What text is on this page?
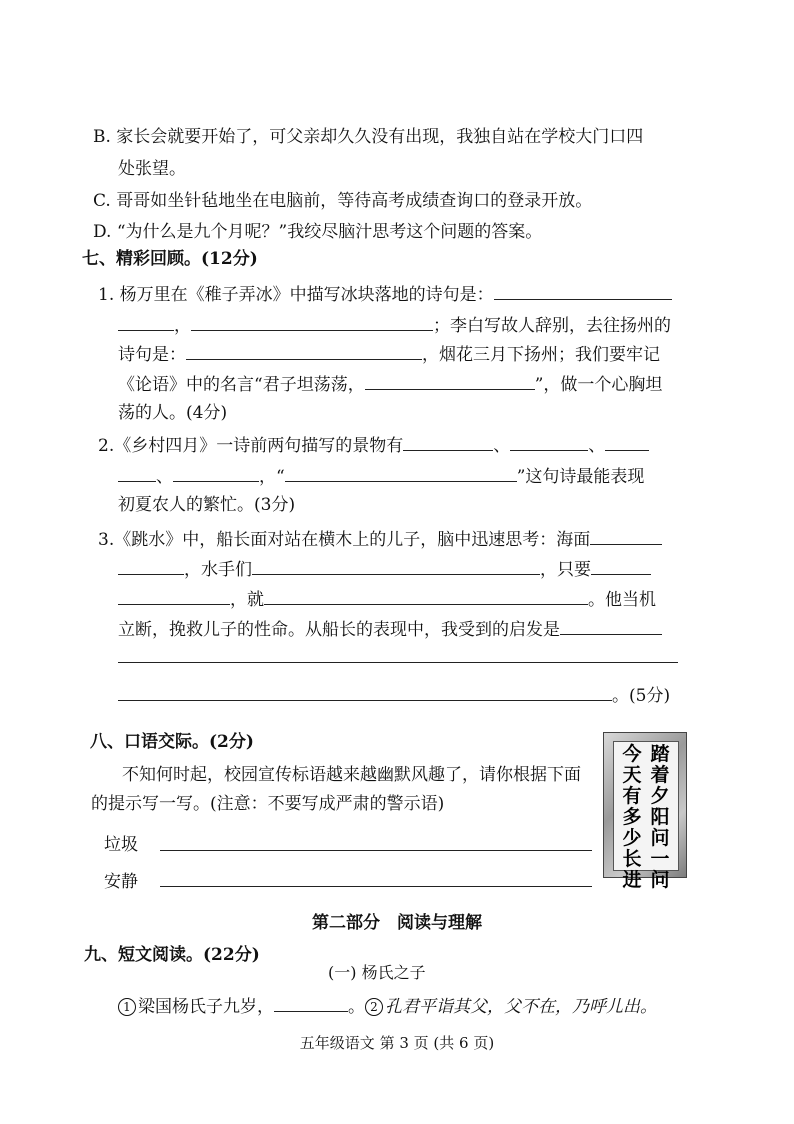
B. 家长会就要开始了，可父亲却久久没有出现，我独自站在学校大门口四
处张望。
C. 哥哥如坐针毡地坐在电脑前，等待高考成绩查询口的登录开放。
D. “为什么是九个月呢？”我绞尽脑汁思考这个问题的答案。
七、精彩回顾。(12分)
1. 杨万里在《稚子弄冰》中描写冰块落地的诗句是：
，	；李白写故人辞别，去往扬州的
诗句是：	，烟花三月下扬州；我们要牢记
《论语》中的名言“君子坦荡荡，	”，做一个心胸坦
荡的人。(4分)
2.《乡村四月》一诗前两句描写的景物有	、	、
、	，“	”这句诗最能表现
初夏农人的繁忙。(3分)
3.《跳水》中，船长面对站在横木上的儿子，脑中迅速思考：海面
，水手们	，只要
，就	。他当机
立断，挽救儿子的性命。从船长的表现中，我受到的启发是
。(5分)
八、口语交际。(2分)
不知何时起，校园宣传标语越来越幽默风趣了，请你根据下面
的提示写一写。(注意：不要写成严肃的警示语)
垃圾
安静
今天有多少长进
踏着夕阳问一问
第二部分　阅读与理解
九、短文阅读。(22分)
(一) 杨氏之子
1 梁国杨氏子九岁，	。 2 孔君平诣其父，父不在，乃呼儿出。
五年级语文 第 3 页 (共 6 页)
